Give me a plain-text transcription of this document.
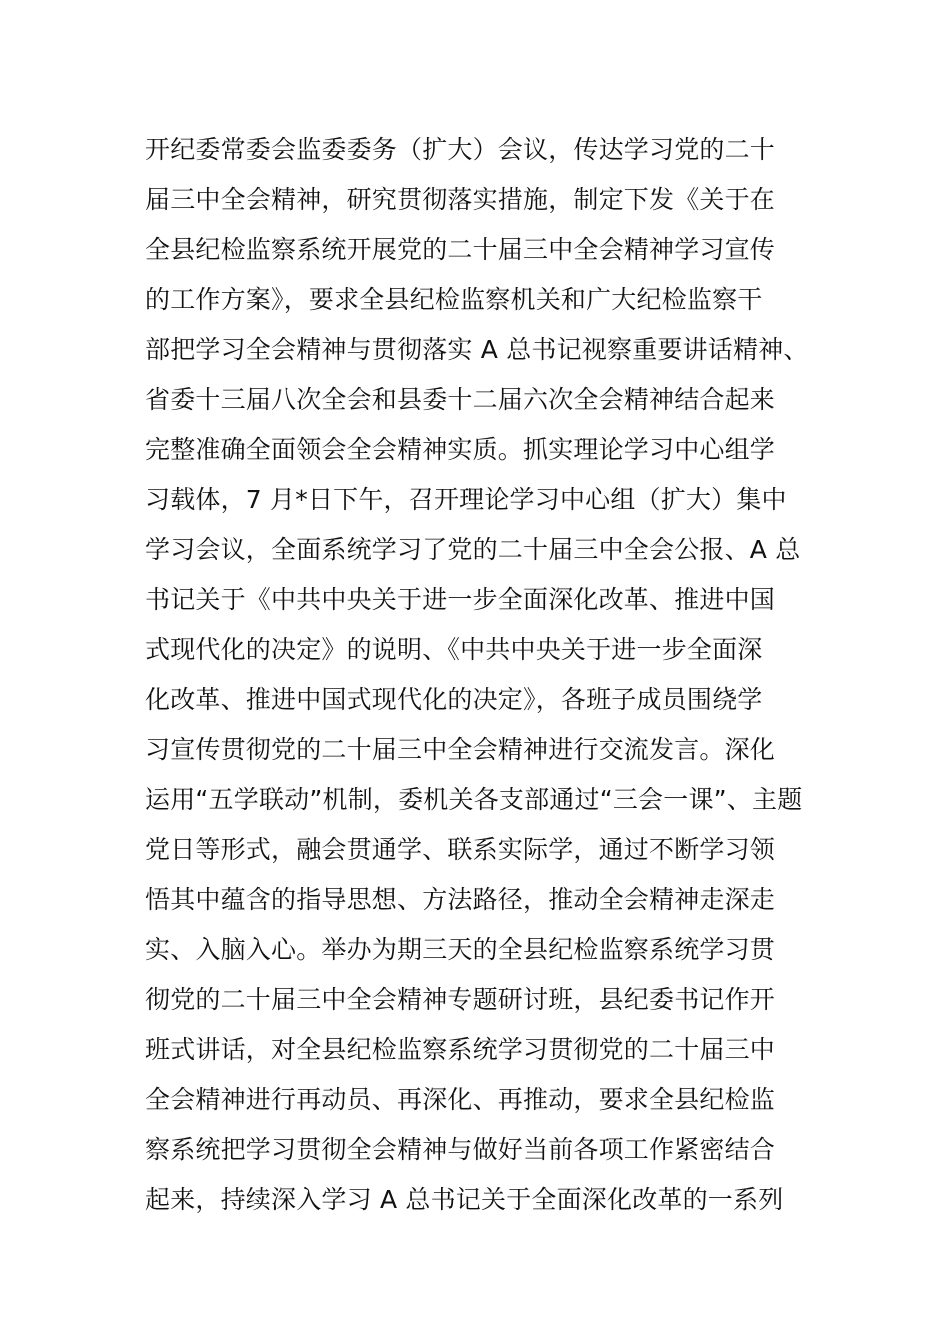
开纪委常委会监委委务（扩大）会议，传达学习党的二十
届三中全会精神，研究贯彻落实措施，制定下发《关于在
全县纪检监察系统开展党的二十届三中全会精神学习宣传
的工作方案》，要求全县纪检监察机关和广大纪检监察干
部把学习全会精神与贯彻落实 A 总书记视察重要讲话精神、
省委十三届八次全会和县委十二届六次全会精神结合起来
完整准确全面领会全会精神实质。抓实理论学习中心组学
习载体，7 月*日下午，召开理论学习中心组（扩大）集中
学习会议，全面系统学习了党的二十届三中全会公报、A 总
书记关于《中共中央关于进一步全面深化改革、推进中国
式现代化的决定》的说明、《中共中央关于进一步全面深
化改革、推进中国式现代化的决定》，各班子成员围绕学
习宣传贯彻党的二十届三中全会精神进行交流发言。深化
运用“五学联动”机制，委机关各支部通过“三会一课”、主题
党日等形式，融会贯通学、联系实际学，通过不断学习领
悟其中蕴含的指导思想、方法路径，推动全会精神走深走
实、入脑入心。举办为期三天的全县纪检监察系统学习贯
彻党的二十届三中全会精神专题研讨班，县纪委书记作开
班式讲话，对全县纪检监察系统学习贯彻党的二十届三中
全会精神进行再动员、再深化、再推动，要求全县纪检监
察系统把学习贯彻全会精神与做好当前各项工作紧密结合
起来，持续深入学习 A 总书记关于全面深化改革的一系列
